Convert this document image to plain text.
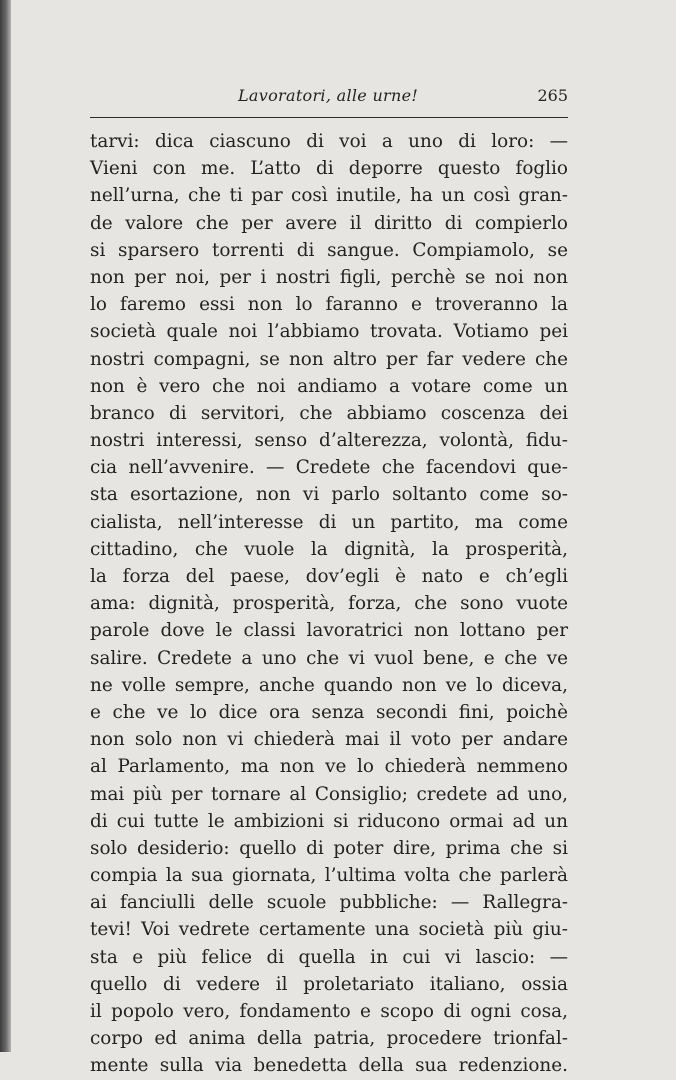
Lavoratori, alle urne!	265
tarvi: dica ciascuno di voi a uno di loro: —
Vieni con me. L’atto di deporre questo foglio
nell’urna, che ti par così inutile, ha un così gran-
de valore che per avere il diritto di compierlo
si sparsero torrenti di sangue. Compiamolo, se
non per noi, per i nostri figli, perchè se noi non
lo faremo essi non lo faranno e troveranno la
società quale noi l’abbiamo trovata. Votiamo pei
nostri compagni, se non altro per far vedere che
non è vero che noi andiamo a votare come un
branco di servitori, che abbiamo coscenza dei
nostri interessi, senso d’alterezza, volontà, fidu-
cia nell’avvenire. — Credete che facendovi que-
sta esortazione, non vi parlo soltanto come so-
cialista, nell’interesse di un partito, ma come
cittadino, che vuole la dignità, la prosperità,
la forza del paese, dov’egli è nato e ch’egli
ama: dignità, prosperità, forza, che sono vuote
parole dove le classi lavoratrici non lottano per
salire. Credete a uno che vi vuol bene, e che ve
ne volle sempre, anche quando non ve lo diceva,
e che ve lo dice ora senza secondi fini, poichè
non solo non vi chiederà mai il voto per andare
al Parlamento, ma non ve lo chiederà nemmeno
mai più per tornare al Consiglio; credete ad uno,
di cui tutte le ambizioni si riducono ormai ad un
solo desiderio: quello di poter dire, prima che si
compia la sua giornata, l’ultima volta che parlerà
ai fanciulli delle scuole pubbliche: — Rallegra-
tevi! Voi vedrete certamente una società più giu-
sta e più felice di quella in cui vi lascio: —
quello di vedere il proletariato italiano, ossia
il popolo vero, fondamento e scopo di ogni cosa,
corpo ed anima della patria, procedere trionfal-
mente sulla via benedetta della sua redenzione.
